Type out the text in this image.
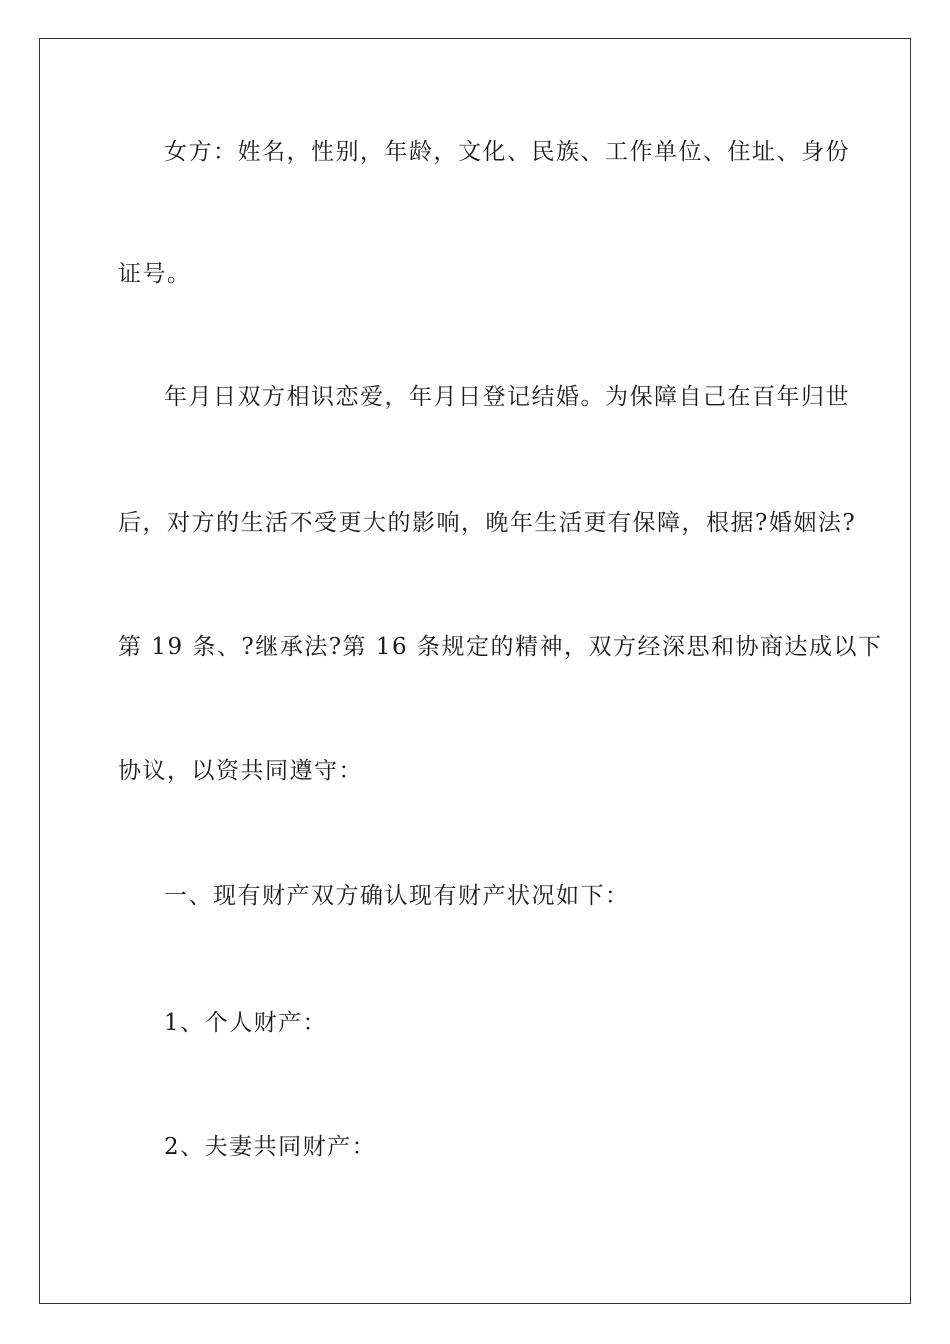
女方：姓名，性别，年龄，文化、民族、工作单位、住址、身份
证号。
年月日双方相识恋爱，年月日登记结婚。为保障自己在百年归世
后，对方的生活不受更大的影响，晚年生活更有保障，根据?婚姻法?
第 19 条、?继承法?第 16 条规定的精神，双方经深思和协商达成以下
协议，以资共同遵守：
一、现有财产双方确认现有财产状况如下：
1、个人财产：
2、夫妻共同财产：
